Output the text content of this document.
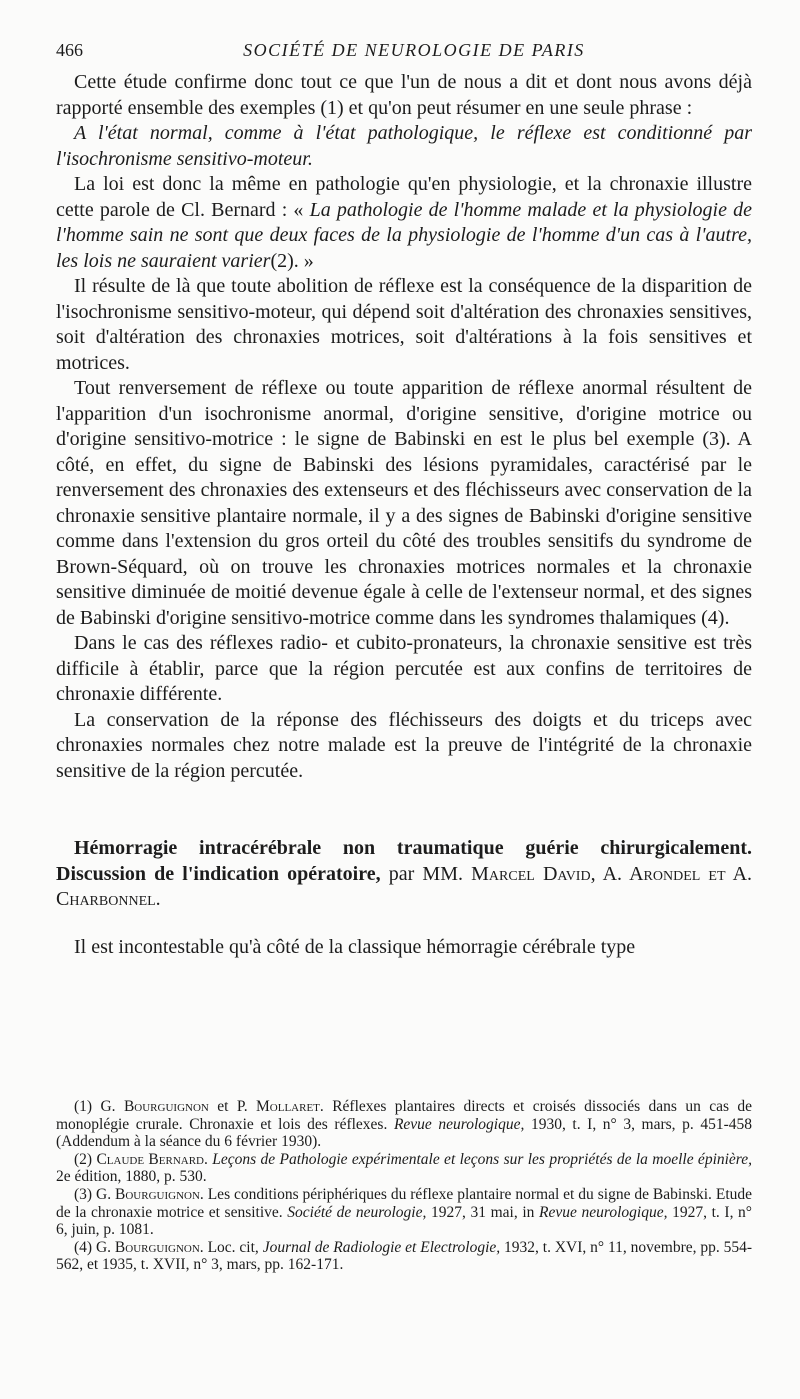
466	SOCIÉTÉ DE NEUROLOGIE DE PARIS

Cette étude confirme donc tout ce que l'un de nous a dit et dont nous avons déjà rapporté ensemble des exemples (1) et qu'on peut résumer en une seule phrase :

A l'état normal, comme à l'état pathologique, le réflexe est conditionné par l'isochronisme sensitivo-moteur.

La loi est donc la même en pathologie qu'en physiologie, et la chronaxie illustre cette parole de Cl. Bernard : « La pathologie de l'homme malade et la physiologie de l'homme sain ne sont que deux faces de la physiologie de l'homme d'un cas à l'autre, les lois ne sauraient varier(2). »

Il résulte de là que toute abolition de réflexe est la conséquence de la disparition de l'isochronisme sensitivo-moteur, qui dépend soit d'altération des chronaxies sensitives, soit d'altération des chronaxies motrices, soit d'altérations à la fois sensitives et motrices.

Tout renversement de réflexe ou toute apparition de réflexe anormal résultent de l'apparition d'un isochronisme anormal, d'origine sensitive, d'origine motrice ou d'origine sensitivo-motrice : le signe de Babinski en est le plus bel exemple (3). A côté, en effet, du signe de Babinski des lésions pyramidales, caractérisé par le renversement des chronaxies des extenseurs et des fléchisseurs avec conservation de la chronaxie sensitive plantaire normale, il y a des signes de Babinski d'origine sensitive comme dans l'extension du gros orteil du côté des troubles sensitifs du syndrome de Brown-Séquard, où on trouve les chronaxies motrices normales et la chronaxie sensitive diminuée de moitié devenue égale à celle de l'extenseur normal, et des signes de Babinski d'origine sensitivo-motrice comme dans les syndromes thalamiques (4).

Dans le cas des réflexes radio- et cubito-pronateurs, la chronaxie sensitive est très difficile à établir, parce que la région percutée est aux confins de territoires de chronaxie différente.

La conservation de la réponse des fléchisseurs des doigts et du triceps avec chronaxies normales chez notre malade est la preuve de l'intégrité de la chronaxie sensitive de la région percutée.

Hémorragie intracérébrale non traumatique guérie chirurgicalement. Discussion de l'indication opératoire, par MM. Marcel David, A. Arondel et A. Charbonnel.

Il est incontestable qu'à côté de la classique hémorragie cérébrale type

(1) G. Bourguignon et P. Mollaret. Réflexes plantaires directs et croisés dissociés dans un cas de monoplégie crurale. Chronaxie et lois des réflexes. Revue neurologique, 1930, t. I, n° 3, mars, p. 451-458 (Addendum à la séance du 6 février 1930).

(2) Claude Bernard. Leçons de Pathologie expérimentale et leçons sur les propriétés de la moelle épinière, 2e édition, 1880, p. 530.

(3) G. Bourguignon. Les conditions périphériques du réflexe plantaire normal et du signe de Babinski. Etude de la chronaxie motrice et sensitive. Société de neurologie, 1927, 31 mai, in Revue neurologique, 1927, t. I, n° 6, juin, p. 1081.

(4) G. Bourguignon. Loc. cit, Journal de Radiologie et Electrologie, 1932, t. XVI, n° 11, novembre, pp. 554-562, et 1935, t. XVII, n° 3, mars, pp. 162-171.
